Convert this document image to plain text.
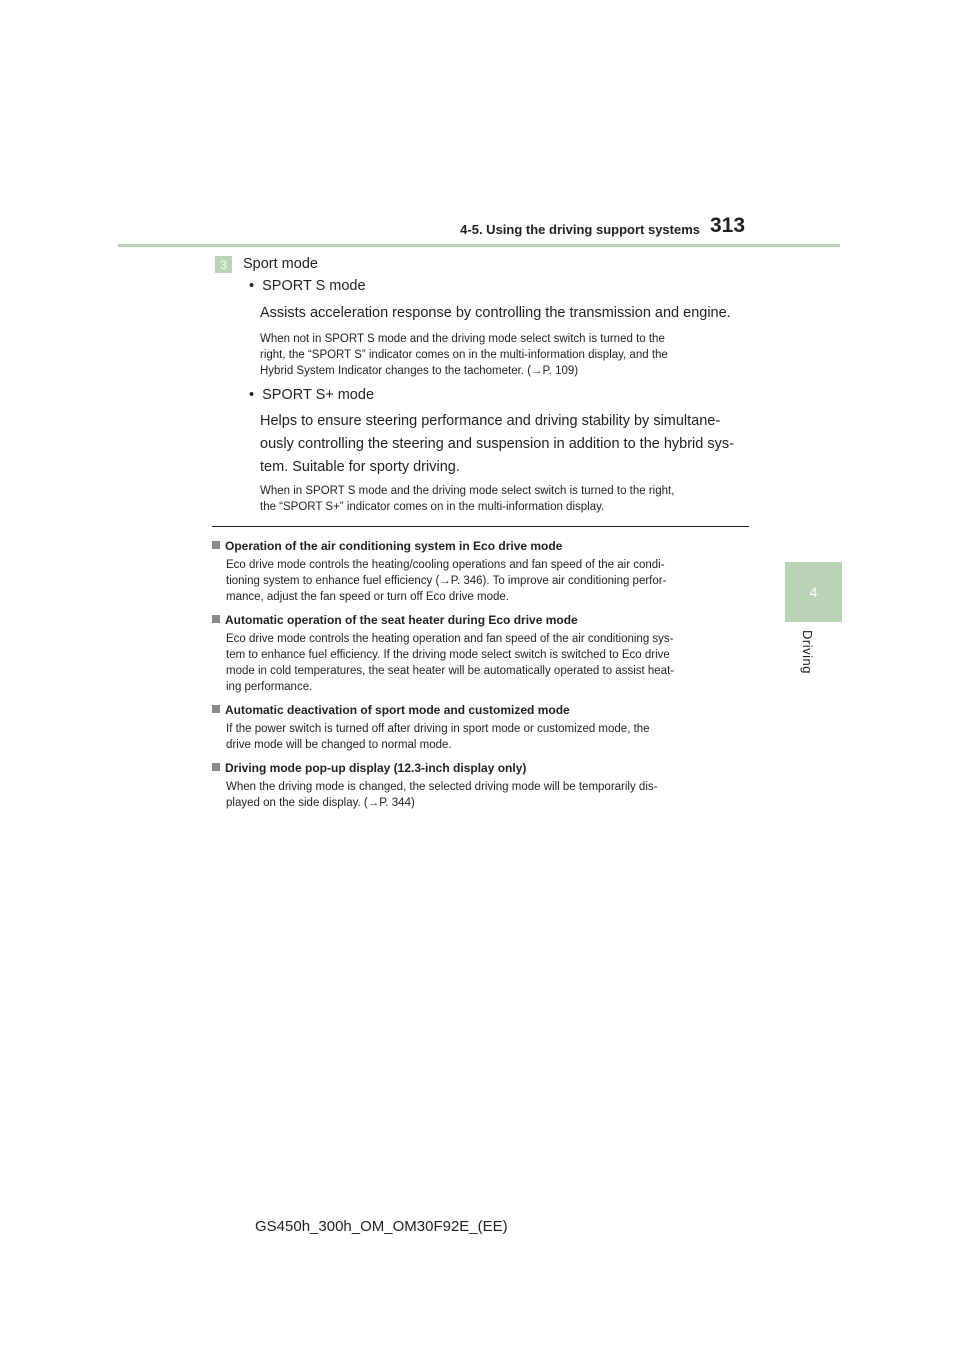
4-5. Using the driving support systems 313
4
Driving
3 Sport mode
• SPORT S mode
Assists acceleration response by controlling the transmission and engine.
When not in SPORT S mode and the driving mode select switch is turned to the
right, the “SPORT S” indicator comes on in the multi-information display, and the
Hybrid System Indicator changes to the tachometer. (→P. 109)
• SPORT S+ mode
Helps to ensure steering performance and driving stability by simultane-
ously controlling the steering and suspension in addition to the hybrid sys-
tem. Suitable for sporty driving.
When in SPORT S mode and the driving mode select switch is turned to the right,
the “SPORT S+” indicator comes on in the multi-information display.
Operation of the air conditioning system in Eco drive mode
Eco drive mode controls the heating/cooling operations and fan speed of the air condi-
tioning system to enhance fuel efficiency (→P. 346). To improve air conditioning perfor-
mance, adjust the fan speed or turn off Eco drive mode.
Automatic operation of the seat heater during Eco drive mode
Eco drive mode controls the heating operation and fan speed of the air conditioning sys-
tem to enhance fuel efficiency. If the driving mode select switch is switched to Eco drive
mode in cold temperatures, the seat heater will be automatically operated to assist heat-
ing performance.
Automatic deactivation of sport mode and customized mode
If the power switch is turned off after driving in sport mode or customized mode, the
drive mode will be changed to normal mode.
Driving mode pop-up display (12.3-inch display only)
When the driving mode is changed, the selected driving mode will be temporarily dis-
played on the side display. (→P. 344)
GS450h_300h_OM_OM30F92E_(EE)
